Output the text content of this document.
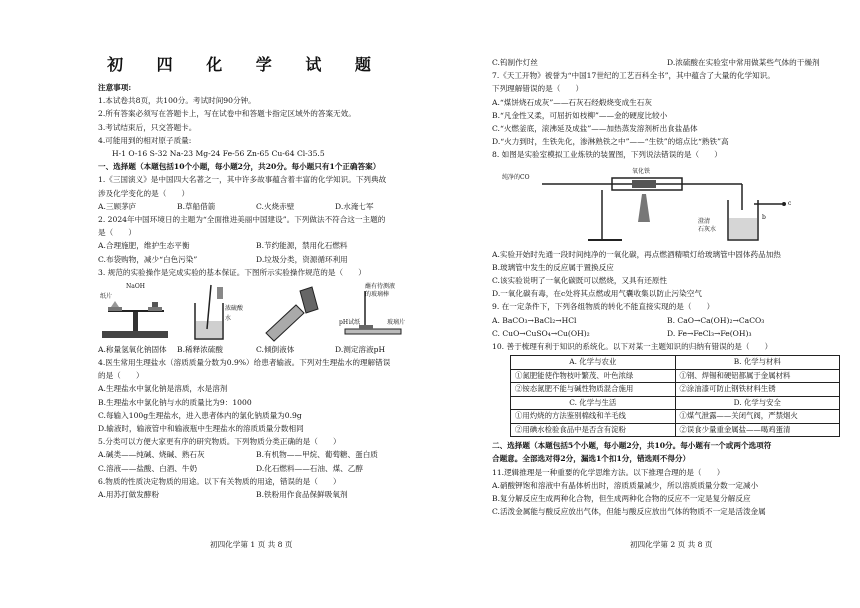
初 四 化 学 试 题
注意事项:
1.本试卷共8页，共100分。考试时间90分钟。
2.所有答案必须写在答题卡上，写在试卷中和答题卡指定区域外的答案无效。
3.考试结束后，只交答题卡。
4.可能用到的相对原子质量:
H-1 O-16 S-32 Na-23 Mg-24 Fe-56 Zn-65 Cu-64 Cl-35.5
一、选择题（本题包括10个小题，每小题2分，共20分。每小题只有1个正确答案）
1.《三国演义》是中国四大名著之一，其中许多故事蕴含着丰富的化学知识。下列典故
涉及化学变化的是（　　）
A.三顾茅庐	B.草船借箭	C.火烧赤壁	D.水淹七军
2. 2024年中国环境日的主题为“全面推进美丽中国建设”。下列做法不符合这一主题的
是（　　）
A.合理施肥，维护生态平衡	B.节约能源，禁用化石燃料
C.布袋购物，减少“白色污染”	D.垃圾分类，资源循环利用
3. 规范的实验操作是完成实验的基本保证。下图所示实验操作规范的是（　　）
NaOH
纸片
浓硫酸
水
蘸有待测液
的玻璃棒
pH试纸	玻璃片
A.称量氢氧化钠固体	B.稀释浓硫酸	C.倾倒液体	D.测定溶液pH
4.医生常用生理盐水（溶质质量分数为0.9%）给患者输液。下列对生理盐水的理解错误
的是（　　）
A.生理盐水中氯化钠是溶质，水是溶剂
B.生理盐水中氯化钠与水的质量比为9：1000
C.每输入100g生理盐水，进入患者体内的氯化钠质量为0.9g
D.输液时，输液管中和输液瓶中生理盐水的溶质质量分数相同
5.分类可以方便大家更有序的研究物质。下列物质分类正确的是（　　）
A.碱类——纯碱、烧碱、熟石灰	B.有机物——甲烷、葡萄糖、蛋白质
C.溶液——盐酸、白酒、牛奶	D.化石燃料——石油、煤、乙醇
6.物质的性质决定物质的用途。以下有关物质的用途，错误的是（　　）
A.用苏打做发酵粉	B.铁粉用作食品保鲜吸氧剂
初四化学第 1 页 共 8 页
C.钨制作灯丝	D.浓硫酸在实验室中常用做某些气体的干燥剂
7.《天工开物》被誉为“中国17世纪的工艺百科全书”，其中蕴含了大量的化学知识。
下列理解错误的是（　　）
A.“煤饼烧石成灰”——石灰石经煅烧变成生石灰
B.“凡金性又柔，可屈折如枝柳”——金的硬度比较小
C.“火燃釜底，滚沸延及成盐”——加热蒸发溶剂析出食盐晶体
D.“火力到时，生铁先化，渗淋熟铁之中”——“生铁”的熔点比“熟铁”高
8. 如图是实验室模拟工业炼铁的装置图，下列说法错误的是（　　）
纯净的CO
氧化铁
澄清
石灰水
c
b
A.实验开始时先通一段时间纯净的一氧化碳，再点燃酒精喷灯给玻璃管中固体药品加热
B.玻璃管中发生的反应属于置换反应
C.该实验说明了一氧化碳既可以燃烧，又具有还原性
D.一氧化碳有毒，在c处将其点燃或用气囊收集以防止污染空气
9. 在一定条件下，下列各组物质的转化不能直接实现的是（　　）
A. BaCO₃→BaCl₂→HCl	B. CaO→Ca(OH)₂→CaCO₃
C. CuO→CuSO₄→Cu(OH)₂	D. Fe→FeCl₃→Fe(OH)₃
10. 善于梳理有利于知识的系统化。以下对某一主题知识的归纳有错误的是（　　）
A. 化学与农业	B. 化学与材料
①氮肥能使作物枝叶繁茂、叶色浓绿	①钢、焊锡和硬铝都属于金属材料
②铵态氮肥不能与碱性物质混合施用	②涂油漆可防止钢铁材料生锈
C. 化学与生活	D. 化学与安全
①用灼烧的方法鉴别棉线和羊毛线	①煤气泄露——关闭气阀，严禁烟火
②用碘水检验食品中是否含有淀粉	②误食少量重金属盐——喝鸡蛋清
二、选择题（本题包括5个小题，每小题2分，共10分。每小题有一个或两个选项符
合题意。全部选对得2分，漏选1个扣1分，错选则不得分）
11.逻辑推理是一种重要的化学思维方法。以下推理合理的是（　　）
A.硝酸钾饱和溶液中有晶体析出时，溶质质量减少，所以溶质质量分数一定减小
B.复分解反应生成两种化合物，但生成两种化合物的反应不一定是复分解反应
C.活泼金属能与酸反应放出气体，但能与酸反应放出气体的物质不一定是活泼金属
初四化学第 2 页 共 8 页
